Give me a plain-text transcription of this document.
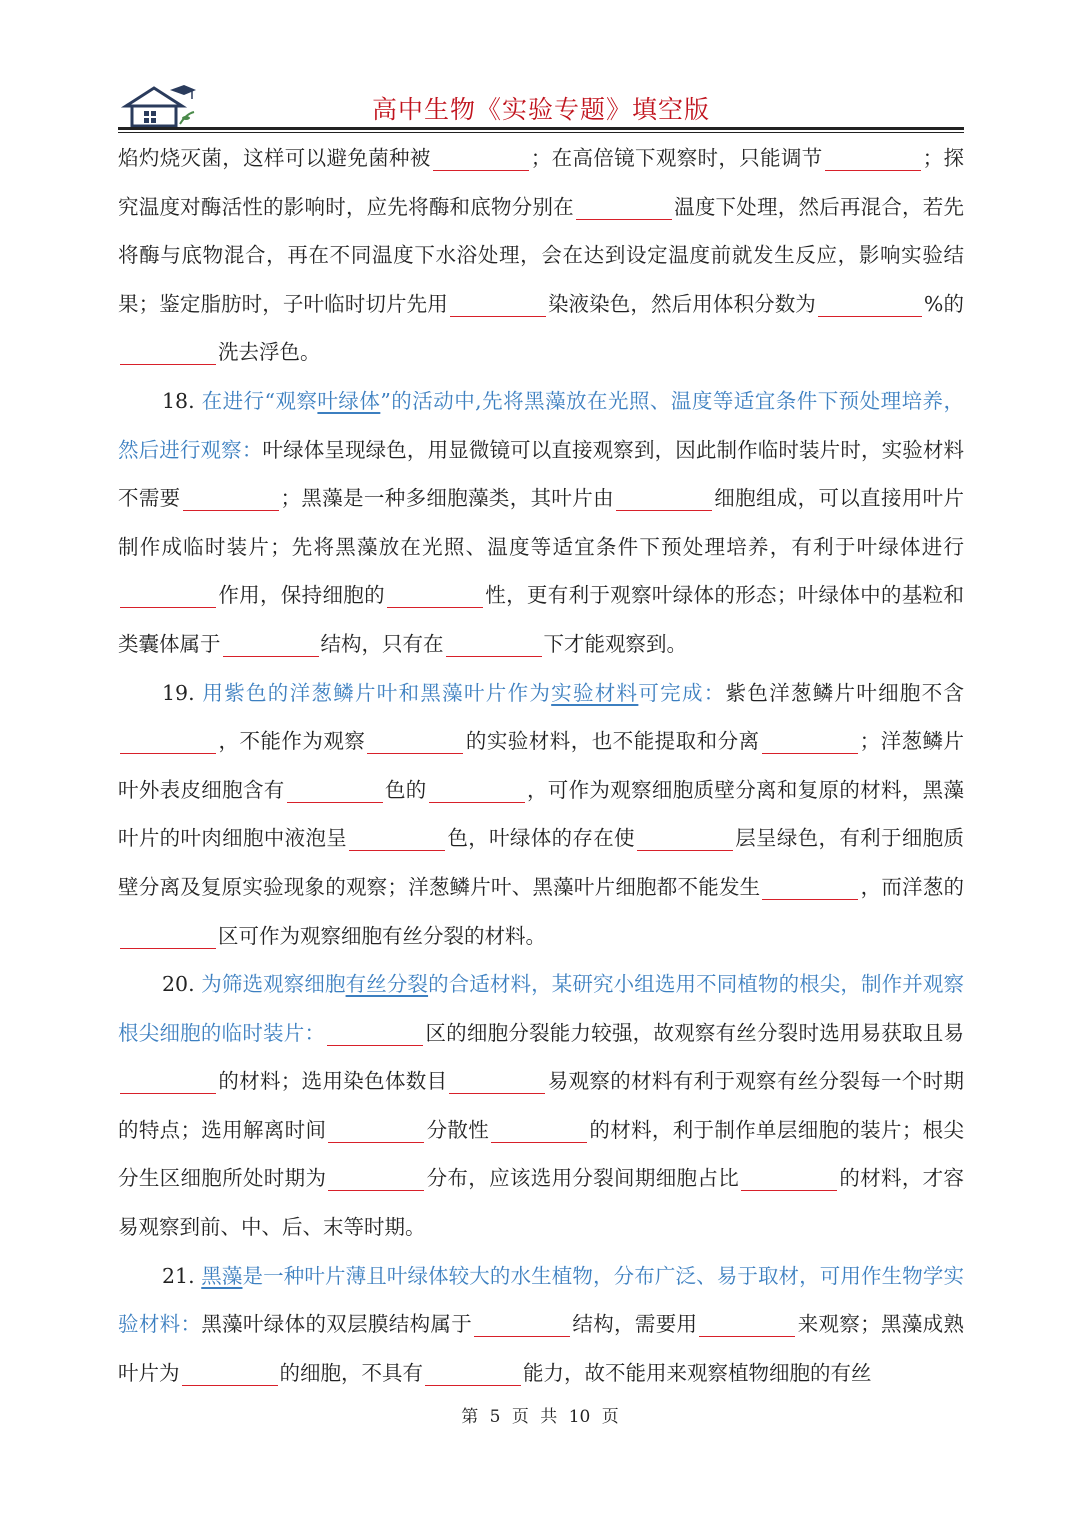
高中生物《实验专题》填空版

焰灼烧灭菌，这样可以避免菌种被	；在高倍镜下观察时，只能调节	；探究温度对酶活性的影响时，应先将酶和底物分别在	温度下处理，然后再混合，若先将酶与底物混合，再在不同温度下水浴处理，会在达到设定温度前就发生反应，影响实验结果；鉴定脂肪时，子叶临时切片先用	染液染色，然后用体积分数为	%的洗去浮色。

18. 在进行“观察叶绿体”的活动中,先将黑藻放在光照、温度等适宜条件下预处理培养，然后进行观察：叶绿体呈现绿色，用显微镜可以直接观察到，因此制作临时装片时，实验材料不需要	；黑藻是一种多细胞藻类，其叶片由	细胞组成，可以直接用叶片制作成临时装片；先将黑藻放在光照、温度等适宜条件下预处理培养，有利于叶绿体进行作用，保持细胞的	性，更有利于观察叶绿体的形态；叶绿体中的基粒和类囊体属于	结构，只有在	下才能观察到。

19. 用紫色的洋葱鳞片叶和黑藻叶片作为实验材料可完成：紫色洋葱鳞片叶细胞不含，不能作为观察	的实验材料，也不能提取和分离	；洋葱鳞片叶外表皮细胞含有	色的	，可作为观察细胞质壁分离和复原的材料，黑藻叶片的叶肉细胞中液泡呈	色，叶绿体的存在使	层呈绿色，有利于细胞质壁分离及复原实验现象的观察；洋葱鳞片叶、黑藻叶片细胞都不能发生	，而洋葱的区可作为观察细胞有丝分裂的材料。

20. 为筛选观察细胞有丝分裂的合适材料，某研究小组选用不同植物的根尖，制作并观察根尖细胞的临时装片：	区的细胞分裂能力较强，故观察有丝分裂时选用易获取且易的材料；选用染色体数目	易观察的材料有利于观察有丝分裂每一个时期的特点；选用解离时间	分散性	的材料，利于制作单层细胞的装片；根尖分生区细胞所处时期为	分布，应该选用分裂间期细胞占比	的材料，才容易观察到前、中、后、末等时期。

21. 黑藻是一种叶片薄且叶绿体较大的水生植物，分布广泛、易于取材，可用作生物学实验材料：黑藻叶绿体的双层膜结构属于	结构，需要用	来观察；黑藻成熟叶片为	的细胞，不具有	能力，故不能用来观察植物细胞的有丝

第 5 页 共 10 页
